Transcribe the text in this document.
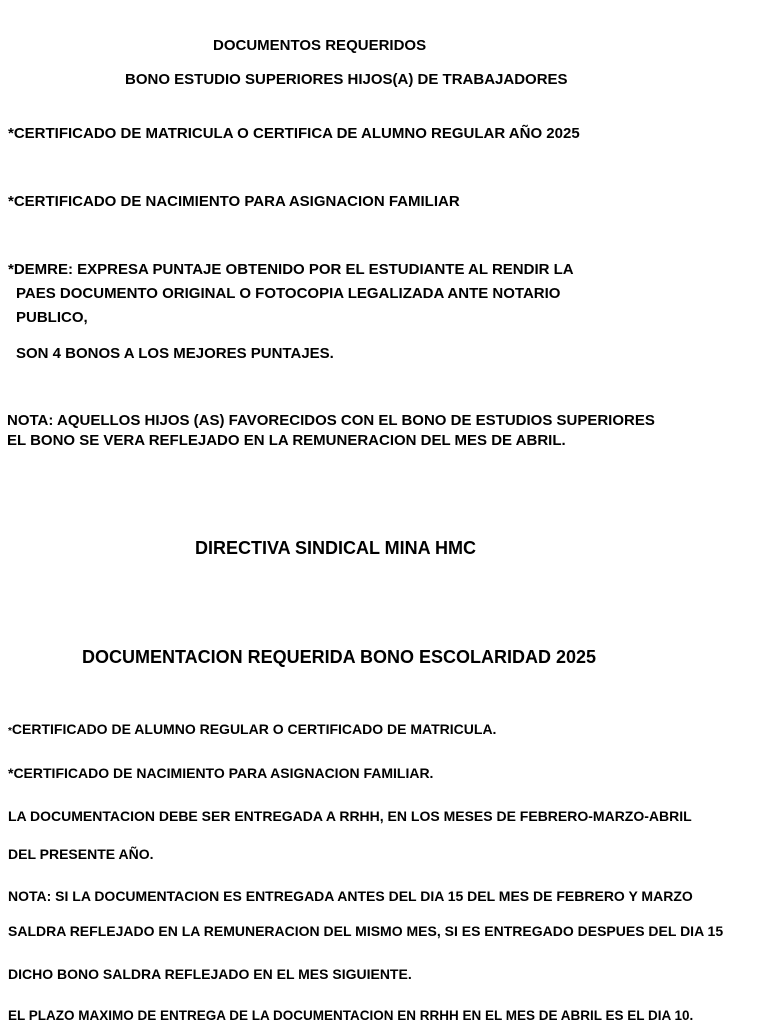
DOCUMENTOS REQUERIDOS
BONO ESTUDIO SUPERIORES HIJOS(A) DE TRABAJADORES
*CERTIFICADO DE MATRICULA O CERTIFICA DE ALUMNO REGULAR AÑO 2025
*CERTIFICADO DE NACIMIENTO PARA ASIGNACION FAMILIAR
*DEMRE: EXPRESA PUNTAJE OBTENIDO POR EL ESTUDIANTE AL RENDIR LA
PAES DOCUMENTO ORIGINAL O FOTOCOPIA LEGALIZADA ANTE NOTARIO
PUBLICO,
SON 4 BONOS A LOS MEJORES PUNTAJES.
NOTA: AQUELLOS HIJOS (AS) FAVORECIDOS CON EL BONO DE ESTUDIOS SUPERIORES
EL BONO SE VERA REFLEJADO EN LA REMUNERACION DEL MES DE ABRIL.
DIRECTIVA SINDICAL MINA HMC
DOCUMENTACION REQUERIDA BONO ESCOLARIDAD 2025
*CERTIFICADO DE ALUMNO REGULAR O CERTIFICADO DE MATRICULA.
*CERTIFICADO DE NACIMIENTO PARA ASIGNACION FAMILIAR.
LA DOCUMENTACION DEBE SER ENTREGADA A RRHH, EN LOS MESES DE FEBRERO-MARZO-ABRIL
DEL PRESENTE AÑO.
NOTA: SI LA DOCUMENTACION ES ENTREGADA ANTES DEL DIA 15 DEL MES DE FEBRERO Y MARZO
SALDRA REFLEJADO EN LA REMUNERACION DEL MISMO MES, SI ES ENTREGADO DESPUES DEL DIA 15
DICHO BONO SALDRA REFLEJADO EN EL MES SIGUIENTE.
EL PLAZO MAXIMO DE ENTREGA DE LA DOCUMENTACION EN RRHH EN EL MES DE ABRIL ES EL DIA 10.
